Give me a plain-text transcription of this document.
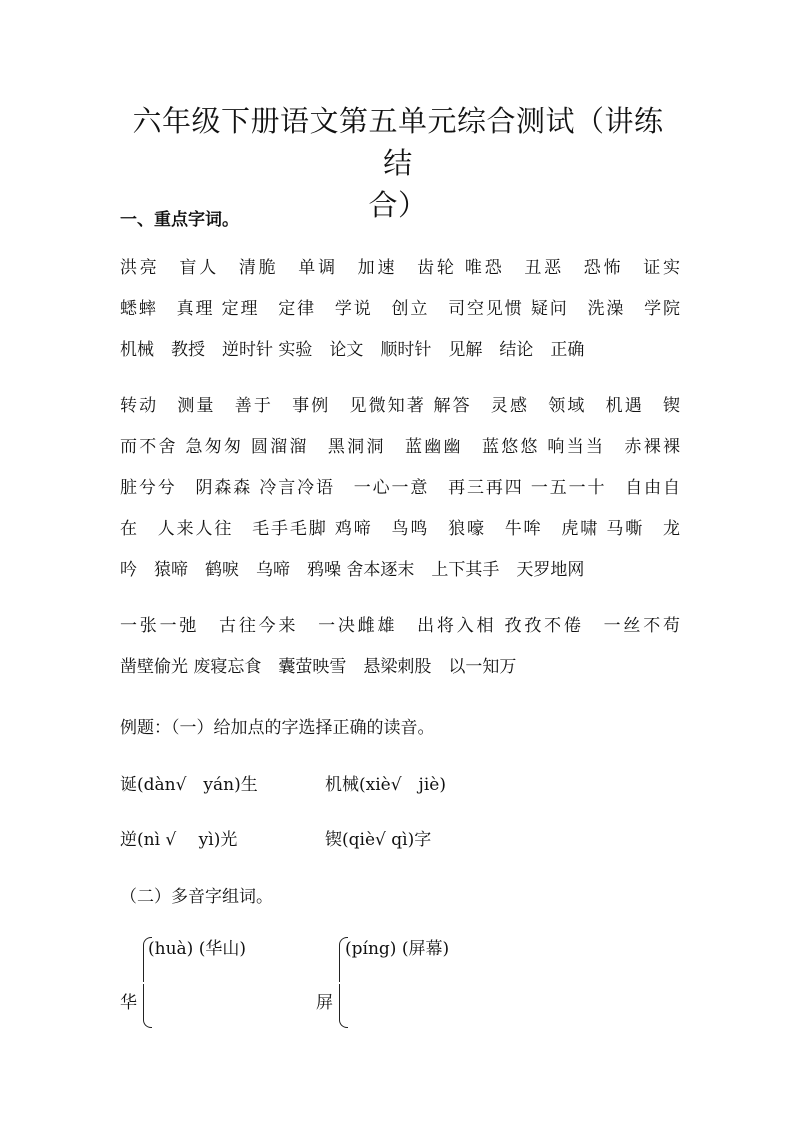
六年级下册语文第五单元综合测试（讲练结
合）
一、重点字词。
洪亮　盲人　清脆　单调　加速　齿轮 唯恐　丑恶　恐怖　证实
蟋蟀　真理 定理　定律　学说　创立　司空见惯 疑问　洗澡　学院
机械　教授　逆时针 实验　论文　顺时针　见解　结论　正确
转动　测量　善于　事例　见微知著 解答　灵感　领域　机遇　锲
而不舍 急匆匆 圆溜溜　黑洞洞　蓝幽幽　蓝悠悠 响当当　赤裸裸
脏兮兮　阴森森 冷言冷语　一心一意　再三再四 一五一十　自由自
在　人来人往　毛手毛脚 鸡啼　鸟鸣　狼嚎　牛哞　虎啸 马嘶　龙
吟　猿啼　鹤唳　乌啼　鸦噪 舍本逐末　上下其手　天罗地网
一张一弛　古往今来　一决雌雄　出将入相 孜孜不倦　一丝不苟
凿壁偷光 废寝忘食　囊萤映雪　悬梁刺股　以一知万
例题：（一）给加点的字选择正确的读音。
诞(dàn√　yán)生	机械(xiè√　jiè)
逆(nì √　 yì)光	锲(qiè√ qì)字
（二）多音字组词。
华
(huà) (华山)
屏
(píng) (屏幕)
